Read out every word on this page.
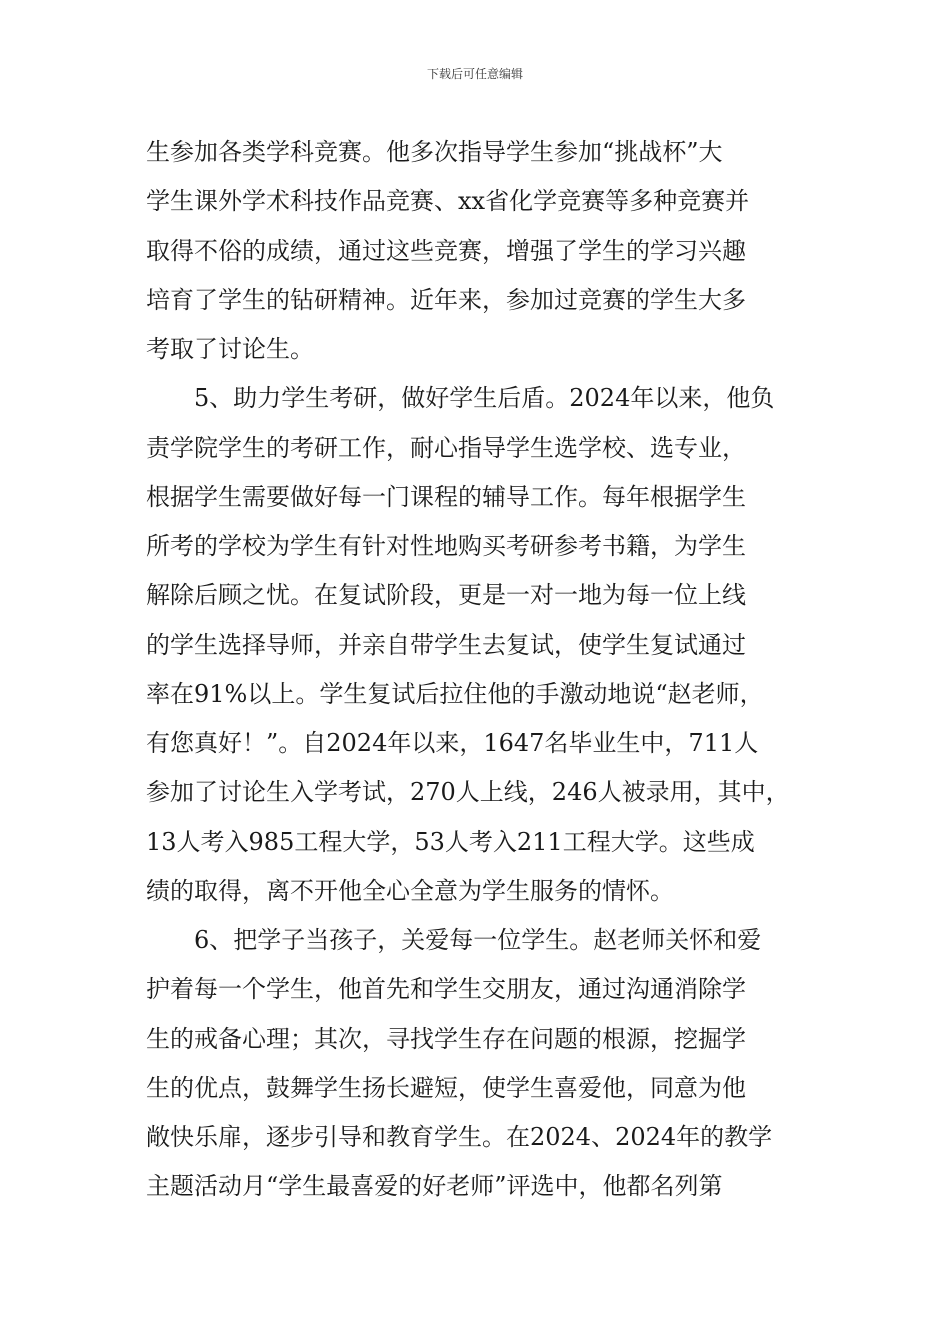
下载后可任意编辑
生参加各类学科竞赛。他多次指导学生参加“挑战杯”大
学生课外学术科技作品竞赛、xx省化学竞赛等多种竞赛并
取得不俗的成绩，通过这些竞赛，增强了学生的学习兴趣
培育了学生的钻研精神。近年来，参加过竞赛的学生大多
考取了讨论生。
5、助力学生考研，做好学生后盾。2024年以来，他负
责学院学生的考研工作，耐心指导学生选学校、选专业，
根据学生需要做好每一门课程的辅导工作。每年根据学生
所考的学校为学生有针对性地购买考研参考书籍，为学生
解除后顾之忧。在复试阶段，更是一对一地为每一位上线
的学生选择导师，并亲自带学生去复试，使学生复试通过
率在91%以上。学生复试后拉住他的手激动地说“赵老师，
有您真好！”。自2024年以来，1647名毕业生中，711人
参加了讨论生入学考试，270人上线，246人被录用，其中，
13人考入985工程大学，53人考入211工程大学。这些成
绩的取得，离不开他全心全意为学生服务的情怀。
6、把学子当孩子，关爱每一位学生。赵老师关怀和爱
护着每一个学生，他首先和学生交朋友，通过沟通消除学
生的戒备心理；其次，寻找学生存在问题的根源，挖掘学
生的优点，鼓舞学生扬长避短，使学生喜爱他，同意为他
敞快乐扉，逐步引导和教育学生。在2024、2024年的教学
主题活动月“学生最喜爱的好老师”评选中，他都名列第
